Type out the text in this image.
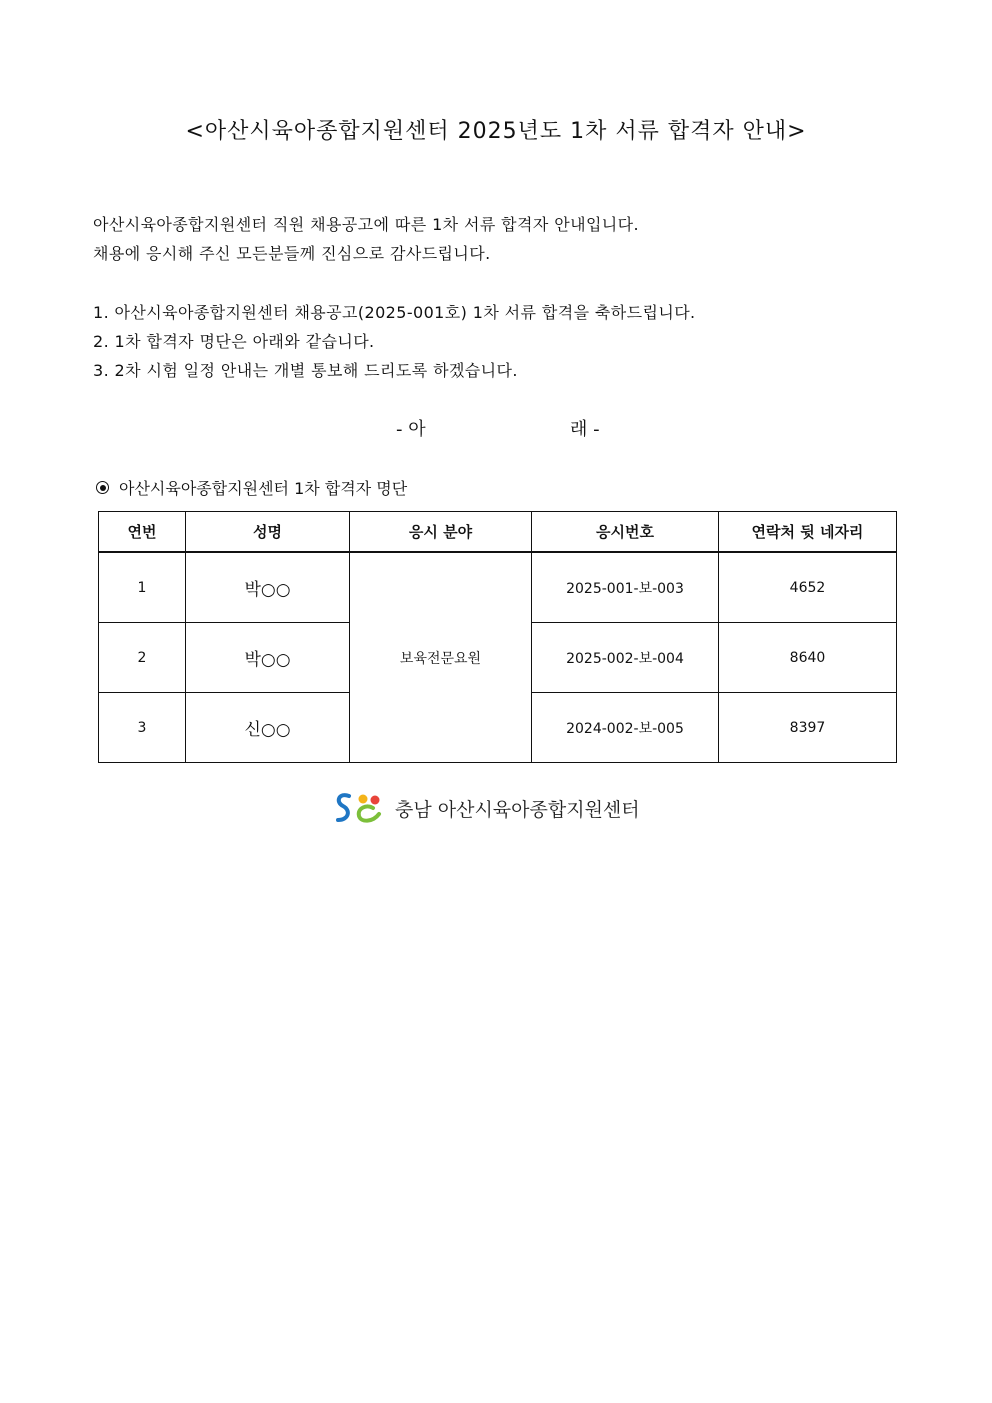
<아산시육아종합지원센터 2025년도 1차 서류 합격자 안내>
아산시육아종합지원센터 직원 채용공고에 따른 1차 서류 합격자 안내입니다.
채용에 응시해 주신 모든분들께 진심으로 감사드립니다.
1. 아산시육아종합지원센터 채용공고(2025-001호) 1차 서류 합격을 축하드립니다.
2. 1차 합격자 명단은 아래와 같습니다.
3. 2차 시험 일정 안내는 개별 통보해 드리도록 하겠습니다.
- 아	래 -
아산시육아종합지원센터 1차 합격자 명단
연번	성명	응시 분야	응시번호	연락처 뒷 네자리
1	박○○	보육전문요원	2025-001-보-003	4652
2	박○○		2025-002-보-004	8640
3	신○○		2024-002-보-005	8397
충남 아산시육아종합지원센터
